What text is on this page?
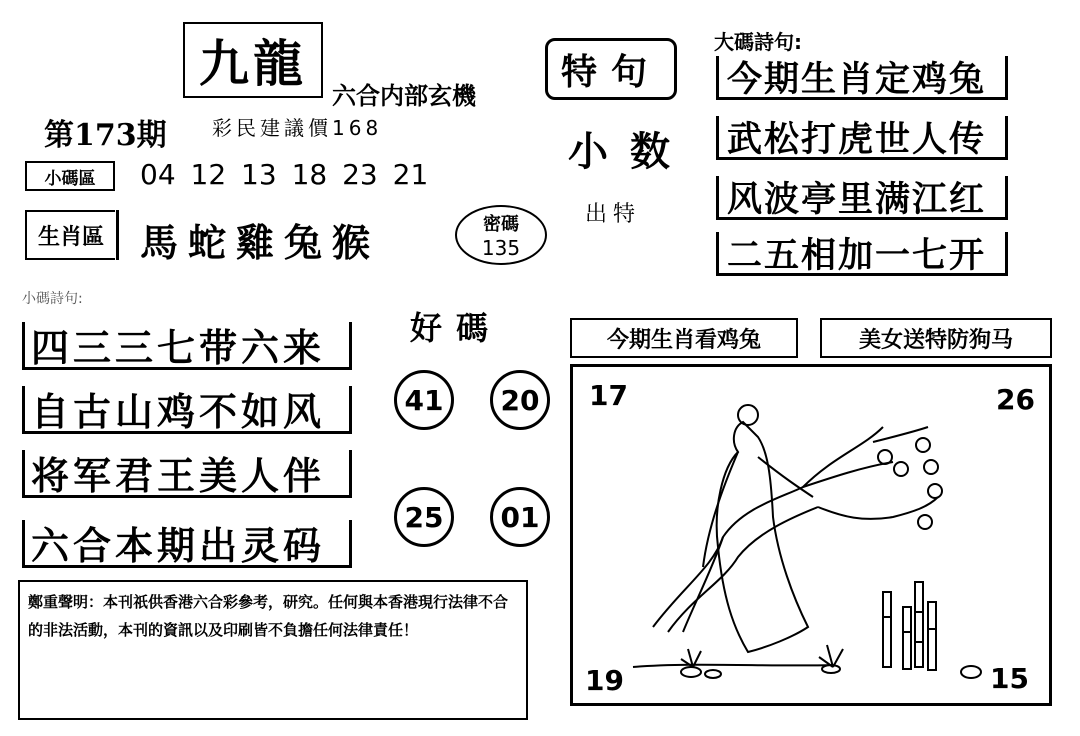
九龍
六合内部玄機
第173期 彩民建議價168
小碼區	04 12 13 18 23 21
生肖區 馬蛇雞兔猴	密碼
135
小碼詩句:
四三三七带六来
自古山鸡不如风
将军君王美人伴
六合本期出灵码
好碼
41	20
25	01
特句
小数
出特
大碼詩句:
今期生肖定鸡兔
武松打虎世人传
风波亭里满江红
二五相加一七开
今期生肖看鸡兔	美女送特防狗马
17	26
19	15
鄭重聲明：本刊祇供香港六合彩參考，研究。任何與本香港現行法律不合的非法活動，本刊的資訊以及印刷皆不負擔任何法律責任！
